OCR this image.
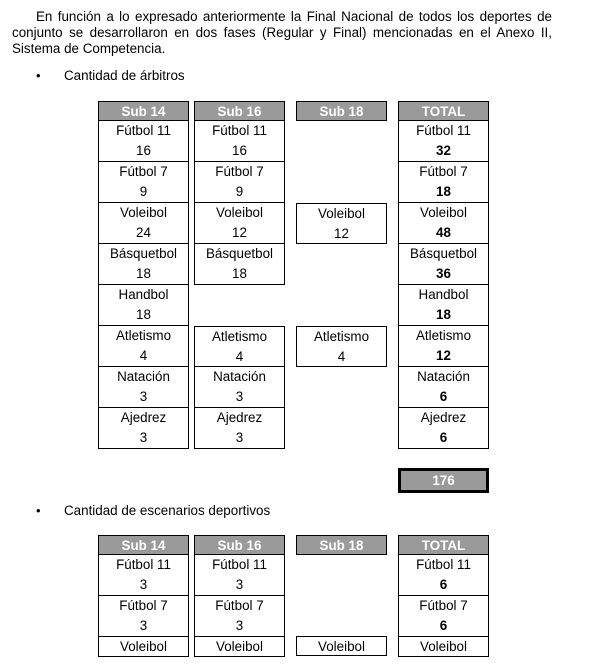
En función a lo expresado anteriormente la Final Nacional de todos los deportes de conjunto se desarrollaron en dos fases (Regular y Final) mencionadas en el Anexo II, Sistema de Competencia.

• Cantidad de árbitros
Sub 14
Fútbol 11
16
Fútbol 7
9
Voleibol
24
Básquetbol
18
Handbol
18
Atletismo
4
Natación
3
Ajedrez
3
Sub 16
Fútbol 11
16
Fútbol 7
9
Voleibol
12
Básquetbol
18
Atletismo
4
Natación
3
Ajedrez
3
Sub 18
Voleibol
12
Atletismo
4
TOTAL
Fútbol 11
32
Fútbol 7
18
Voleibol
48
Básquetbol
36
Handbol
18
Atletismo
12
Natación
6
Ajedrez
6
176
• Cantidad de escenarios deportivos
Sub 14
Fútbol 11
3
Fútbol 7
3
Voleibol
Sub 16
Fútbol 11
3
Fútbol 7
3
Voleibol
Sub 18
Voleibol
TOTAL
Fútbol 11
6
Fútbol 7
6
Voleibol
